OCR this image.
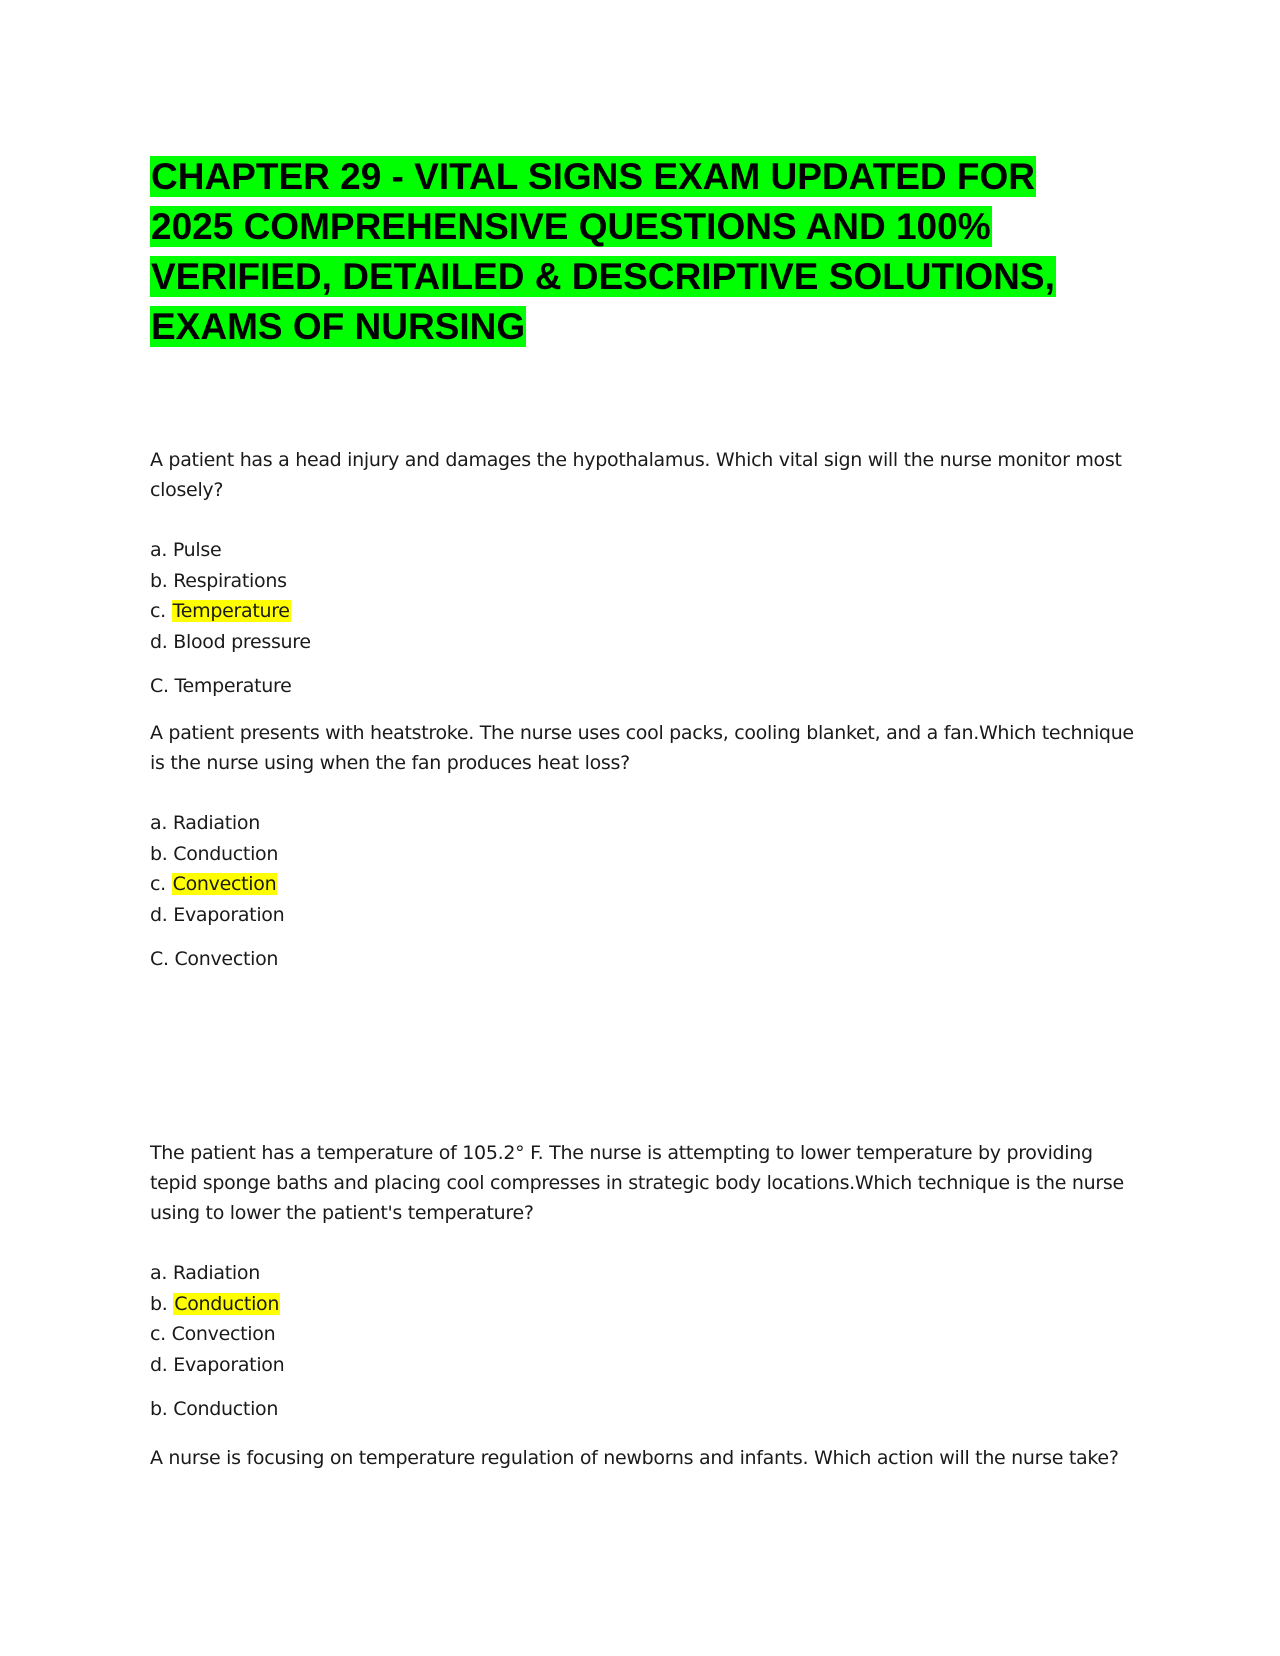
CHAPTER 29 - VITAL SIGNS EXAM UPDATED FOR
2025 COMPREHENSIVE QUESTIONS AND 100%
VERIFIED, DETAILED & DESCRIPTIVE SOLUTIONS,
EXAMS OF NURSING

A patient has a head injury and damages the hypothalamus. Which vital sign will the nurse monitor most closely?

a. Pulse
b. Respirations
c. Temperature
d. Blood pressure

C. Temperature

A patient presents with heatstroke. The nurse uses cool packs, cooling blanket, and a fan.Which technique is the nurse using when the fan produces heat loss?

a. Radiation
b. Conduction
c. Convection
d. Evaporation

C. Convection

The patient has a temperature of 105.2° F. The nurse is attempting to lower temperature by providing tepid sponge baths and placing cool compresses in strategic body locations.Which technique is the nurse using to lower the patient's temperature?

a. Radiation
b. Conduction
c. Convection
d. Evaporation

b. Conduction

A nurse is focusing on temperature regulation of newborns and infants. Which action will the nurse take?
